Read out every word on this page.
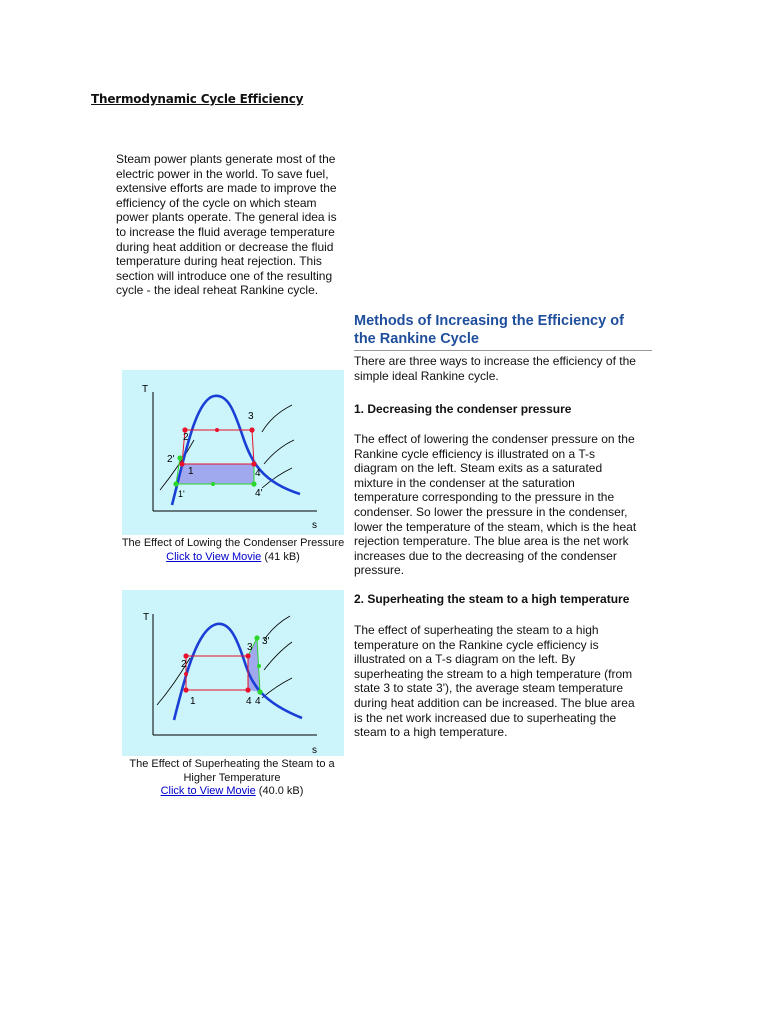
Thermodynamic Cycle Efficiency
Steam power plants generate most of the
electric power in the world. To save fuel,
extensive efforts are made to improve the
efficiency of the cycle on which steam
power plants operate. The general idea is
to increase the fluid average temperature
during heat addition or decrease the fluid
temperature during heat rejection. This
section will introduce one of the resulting
cycle - the ideal reheat Rankine cycle.
Methods of Increasing the Efficiency of
the Rankine Cycle
There are three ways to increase the efficiency of the
simple ideal Rankine cycle.
1. Decreasing the condenser pressure
The effect of lowering the condenser pressure on the
Rankine cycle efficiency is illustrated on a T-s
diagram on the left. Steam exits as a saturated
mixture in the condenser at the saturation
temperature corresponding to the pressure in the
condenser. So lower the pressure in the condenser,
lower the temperature of the steam, which is the heat
rejection temperature. The blue area is the net work
increases due to the decreasing of the condenser
pressure.
2. Superheating the steam to a high temperature
The effect of superheating the steam to a high
temperature on the Rankine cycle efficiency is
illustrated on a T-s diagram on the left. By
superheating the stream to a high temperature (from
state 3 to state 3'), the average steam temperature
during heat addition can be increased. The blue area
is the net work increased due to superheating the
steam to a high temperature.
T
s
2
3
1	4
2'
1'	4'
The Effect of Lowing the Condenser Pressure
Click to View Movie (41 kB)
T
s
2
1
3
3'
4 4
The Effect of Superheating the Steam to a
Higher Temperature
Click to View Movie (40.0 kB)
